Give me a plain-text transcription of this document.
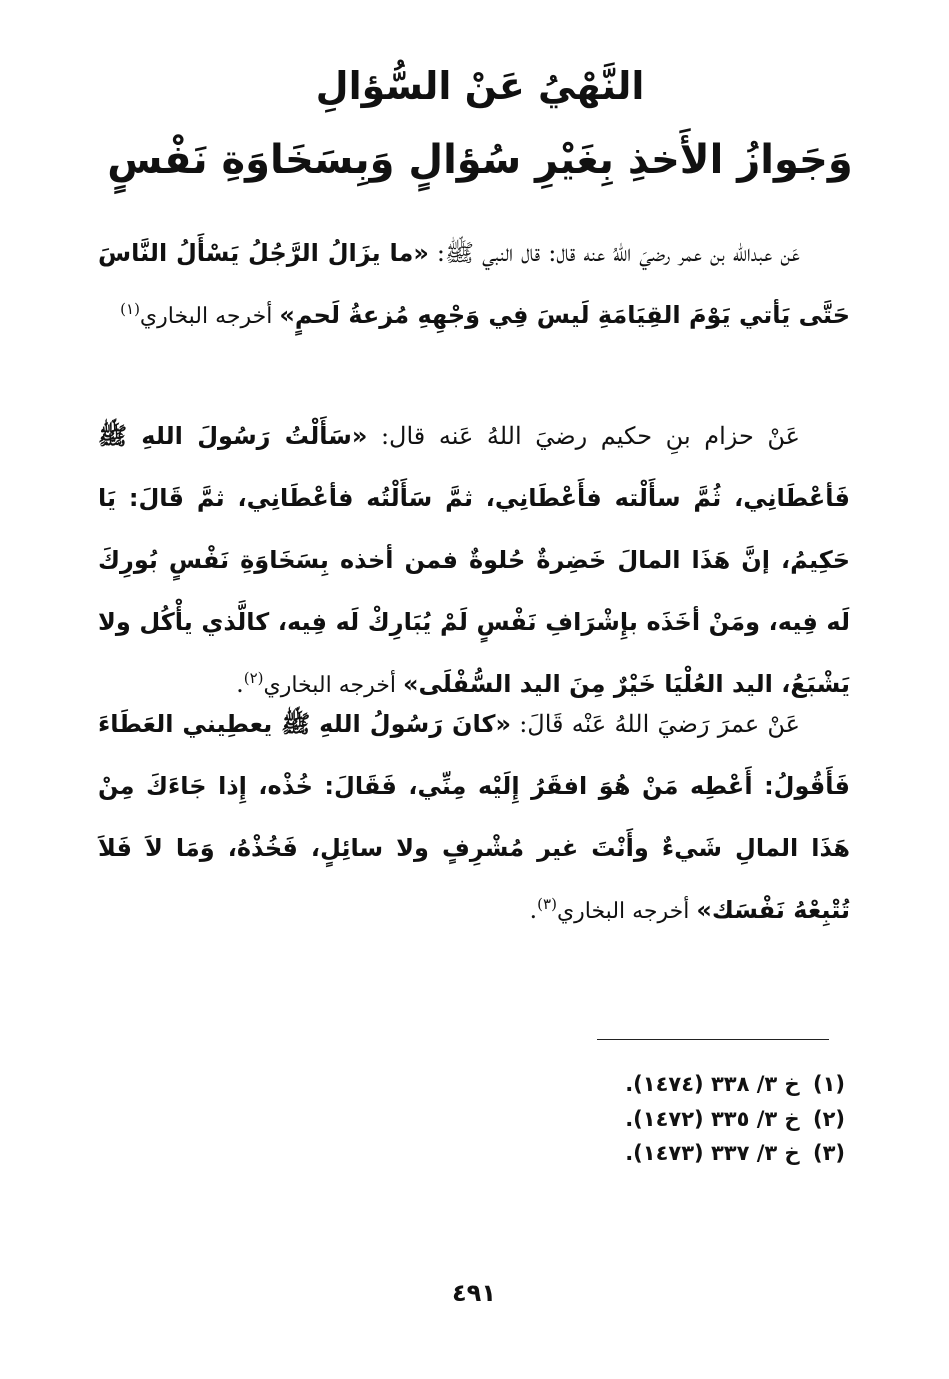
النَّهْيُ عَنْ السُّؤالِ
وَجَوازُ الأَخذِ بِغَيْرِ سُؤالٍ وَبِسَخَاوَةِ نَفْسٍ

عَن عبدالله بن عمر رضيَ اللهُ عنه قال: قال النبي ﷺ: «ما يزَالُ الرَّجُلُ يَسْأَلُ النَّاسَ حَتَّى يَأتي يَوْمَ القِيَامَةِ لَيسَ فِي وَجْهِهِ مُزعةُ لَحمٍ» أخرجه البخاري$^{(١)}$

عَنْ حزام بنِ حكيم رضيَ اللهُ عَنه قال: «سَأَلْتُ رَسُولَ اللهِ ﷺ فَأعْطَانِي، ثُمَّ سأَلْته فأَعْطَانِي، ثمَّ سَأَلْتُه فأعْطَانِي، ثمَّ قَالَ: يَا حَكِيمُ، إنَّ هَذَا المالَ خَضِرةٌ حُلوةٌ فمن أخذه بِسَخَاوَةِ نَفْسٍ بُورِكَ لَه فِيه، ومَنْ أخَذَه بإِشْرَافِ نَفْسٍ لَمْ يُبَارِكْ لَه فِيه، كالَّذي يأْكُل ولا يَشْبَعُ، اليد العُلْيَا خَيْرٌ مِنَ اليد السُّفْلَى» أخرجه البخاري$^{(٢)}$.

عَنْ عمرَ رَضيَ اللهُ عَنْه قَالَ: «كانَ رَسُولُ اللهِ ﷺ يعطِيني العَطَاءَ فَأَقُولُ: أَعْطِه مَنْ هُوَ افقَرُ إِلَيْه مِنِّي، فَقَالَ: خُذْه، إِذا جَاءَكَ مِنْ هَذَا المالِ شَيءٌ وأَنْتَ غير مُشْرِفٍ ولا سائِلٍ، فَخُذْهُ، وَمَا لاَ فَلاَ تُتْبِعْهُ نَفْسَك» أخرجه البخاري$^{(٣)}$.

(١) خ ٣/ ٣٣٨ (١٤٧٤).
(٢) خ ٣/ ٣٣٥ (١٤٧٢).
(٣) خ ٣/ ٣٣٧ (١٤٧٣).
٤٩١
